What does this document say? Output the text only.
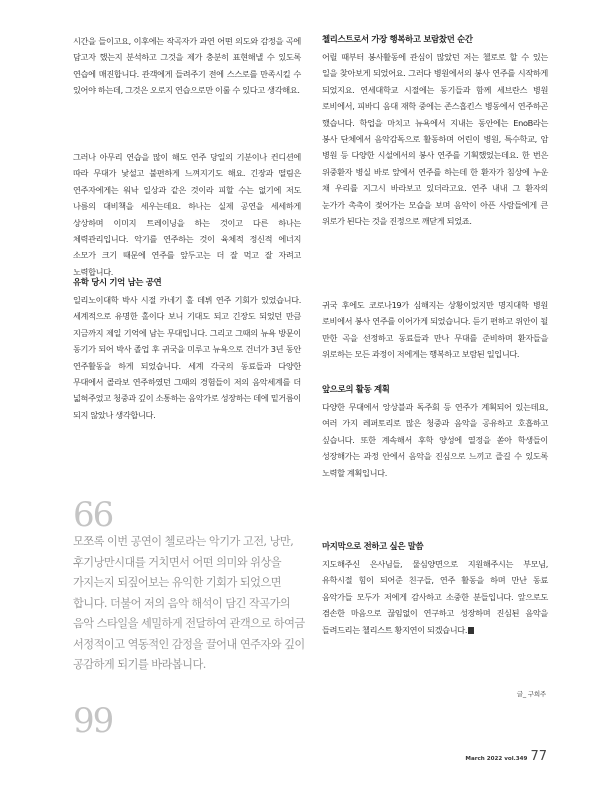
시간을 들이고요, 이후에는 작곡자가 과연 어떤 의도와 감정을 곡에 담고자 했는지 분석하고 그것을 제가 충분히 표현해낼 수 있도록 연습에 매진합니다. 관객에게 들려주기 전에 스스로를 만족시킬 수 있어야 하는데, 그것은 오로지 연습으로만 이룰 수 있다고 생각해요.

그러나 아무리 연습을 많이 해도 연주 당일의 기분이나 컨디션에 따라 무대가 낯설고 불편하게 느껴지기도 해요. 긴장과 떨림은 연주자에게는 워낙 일상과 같은 것이라 피할 수는 없기에 저도 나름의 대비책을 세우는데요. 하나는 실제 공연을 세세하게 상상하며 이미지 트레이닝을 하는 것이고 다른 하나는 체력관리입니다. 악기를 연주하는 것이 육체적 정신적 에너지 소모가 크기 때문에 연주를 앞두고는 더 잘 먹고 잘 자려고 노력합니다.

유학 당시 기억 남는 공연

일리노이대학 박사 시절 카네기 홀 데뷔 연주 기회가 있었습니다. 세계적으로 유명한 홀이다 보니 기대도 되고 긴장도 되었던 만큼 지금까지 제일 기억에 남는 무대입니다. 그리고 그때의 뉴욕 방문이 동기가 되어 박사 졸업 후 귀국을 미루고 뉴욕으로 건너가 3년 동안 연주활동을 하게 되었습니다. 세계 각국의 동료들과 다양한 무대에서 콜라보 연주하였던 그때의 경험들이 저의 음악세계를 더 넓혀주었고 청중과 깊이 소통하는 음악가로 성장하는 데에 밑거름이 되지 않았나 생각합니다.

66

모쪼록 이번 공연이 첼로라는 악기가 고전, 낭만, 후기낭만시대를 거치면서 어떤 의미와 위상을 가지는지 되짚어보는 유익한 기회가 되었으면 합니다. 더불어 저의 음악 해석이 담긴 작곡가의 음악 스타일을 세밀하게 전달하여 관객으로 하여금 서정적이고 역동적인 감정을 끌어내 연주자와 깊이 공감하게 되기를 바라봅니다.

99

첼리스트로서 가장 행복하고 보람찼던 순간

어릴 때부터 봉사활동에 관심이 많았던 저는 첼로로 할 수 있는 일을 찾아보게 되었어요. 그러다 병원에서의 봉사 연주를 시작하게 되었지요. 연세대학교 시절에는 동기들과 함께 세브란스 병원 로비에서, 피바디 음대 재학 중에는 존스홉킨스 병동에서 연주하곤 했습니다. 학업을 마치고 뉴욕에서 지내는 동안에는 EnoB라는 봉사 단체에서 음악감독으로 활동하며 어린이 병원, 특수학교, 암 병원 등 다양한 시설에서의 봉사 연주를 기획했었는데요. 한 번은 위중환자 병실 바로 앞에서 연주를 하는데 한 환자가 침상에 누운 채 우리를 지그시 바라보고 있더라고요. 연주 내내 그 환자의 눈가가 촉촉이 젖어가는 모습을 보며 음악이 아픈 사람들에게 큰 위로가 된다는 것을 진정으로 깨닫게 되었죠.

귀국 후에도 코로나19가 심해지는 상황이었지만 명지대학 병원 로비에서 봉사 연주를 이어가게 되었습니다. 듣기 편하고 위안이 될 만한 곡을 선정하고 동료들과 만나 무대를 준비하며 환자들을 위로하는 모든 과정이 저에게는 행복하고 보람된 일입니다.

앞으로의 활동 계획

다양한 무대에서 앙상블과 독주회 등 연주가 계획되어 있는데요, 여러 가지 레퍼토리로 많은 청중과 음악을 공유하고 호흡하고 싶습니다. 또한 계속해서 후학 양성에 열정을 쏟아 학생들이 성장해가는 과정 안에서 음악을 진심으로 느끼고 즐길 수 있도록 노력할 계획입니다.

마지막으로 전하고 싶은 말씀

지도해주신 은사님들, 물심양면으로 지원해주시는 부모님, 유학시절 힘이 되어준 친구들, 연주 활동을 하며 만난 동료 음악가들 모두가 저에게 감사하고 소중한 분들입니다. 앞으로도 겸손한 마음으로 끊임없이 연구하고 성장하며 진심된 음악을 들려드리는 첼리스트 황지연이 되겠습니다.

글_ 구희주
March 2022 vol.349 77
